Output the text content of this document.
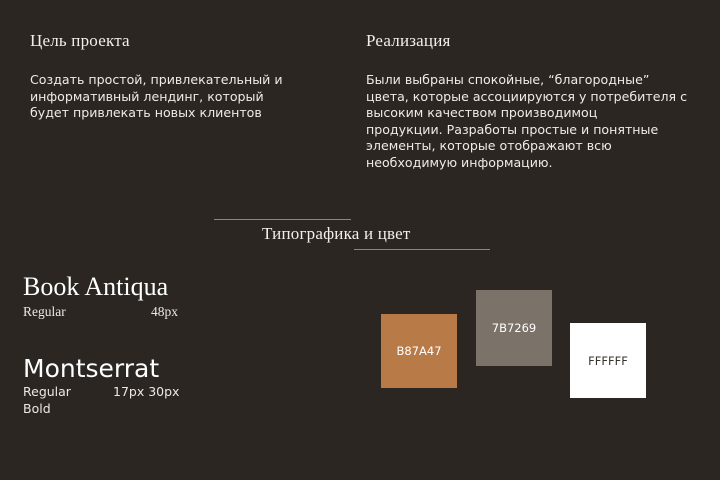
Цель проекта
Создать простой, привлекательный и
информативный лендинг, который
будет привлекать новых клиентов
Реализация
Были выбраны спокойные, “благородные”
цвета, которые ассоциируются у потребителя с
высоким качеством производимоц
продукции. Разработы простые и понятные
элементы, которые отображают всю
необходимую информацию.
Типографика и цвет
Book Antiqua
Regular	48px
Montserrat
Regular	17px 30px
Bold
B87A47
7B7269
FFFFFF
